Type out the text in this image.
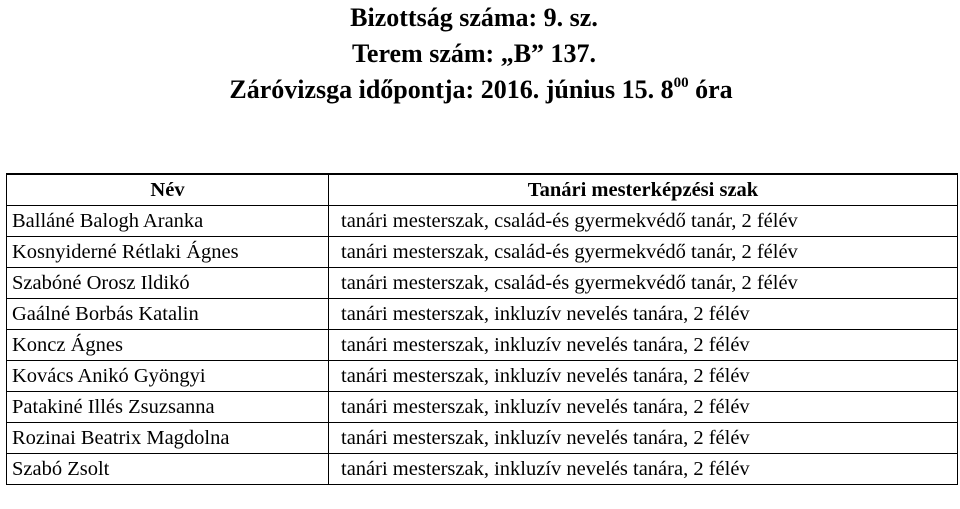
Bizottság száma: 9. sz.
Terem szám: „B” 137.
Záróvizsga időpontja: 2016. június 15. $8^{00}$ óra
Név	Tanári mesterképzési szak
Balláné Balogh Aranka	tanári mesterszak, család-és gyermekvédő tanár, 2 félév
Kosnyiderné Rétlaki Ágnes	tanári mesterszak, család-és gyermekvédő tanár, 2 félév
Szabóné Orosz Ildikó	tanári mesterszak, család-és gyermekvédő tanár, 2 félév
Gaálné Borbás Katalin	tanári mesterszak, inkluzív nevelés tanára, 2 félév
Koncz Ágnes	tanári mesterszak, inkluzív nevelés tanára, 2 félév
Kovács Anikó Gyöngyi	tanári mesterszak, inkluzív nevelés tanára, 2 félév
Patakiné Illés Zsuzsanna	tanári mesterszak, inkluzív nevelés tanára, 2 félév
Rozinai Beatrix Magdolna	tanári mesterszak, inkluzív nevelés tanára, 2 félév
Szabó Zsolt	tanári mesterszak, inkluzív nevelés tanára, 2 félév
